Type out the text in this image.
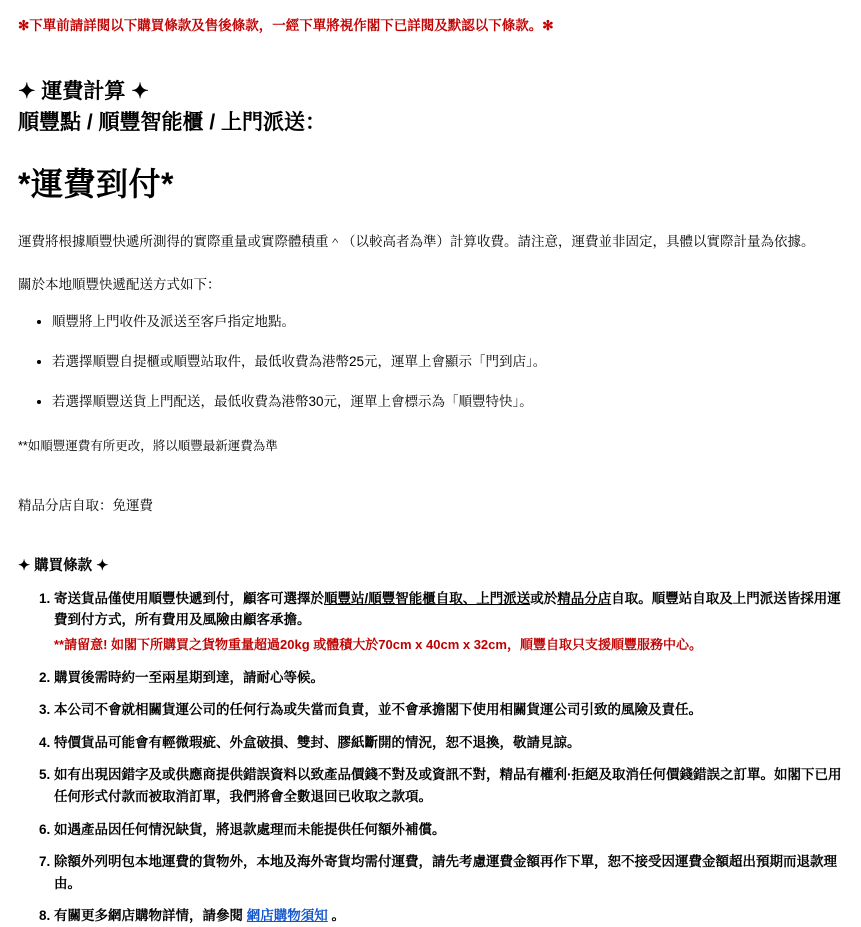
✻下單前請詳閱以下購買條款及售後條款，一經下單將視作閣下已詳閱及默認以下條款。✻

✦ 運費計算 ✦
順豐點 / 順豐智能櫃 / 上門派送：
*運費到付*

運費將根據順豐快遞所測得的實際重量或實際體積重＾（以較高者為準）計算收費。請注意，運費並非固定，具體以實際計量為依據。

關於本地順豐快遞配送方式如下：

• 順豐將上門收件及派送至客戶指定地點。
• 若選擇順豐自提櫃或順豐站取件，最低收費為港幣25元，運單上會顯示「門到店」。
• 若選擇順豐送貨上門配送，最低收費為港幣30元，運單上會標示為「順豐特快」。

**如順豐運費有所更改，將以順豐最新運費為準

精品分店自取：免運費

✦ 購買條款 ✦
1. 寄送貨品僅使用順豐快遞到付，顧客可選擇於順豐站/順豐智能櫃自取、上門派送或於精品分店自取。順豐站自取及上門派送皆採用運費到付方式，所有費用及風險由顧客承擔。
**請留意! 如閣下所購買之貨物重量超過20kg 或體積大於70cm x 40cm x 32cm，順豐自取只支援順豐服務中心。
2. 購買後需時約一至兩星期到達，請耐心等候。
3. 本公司不會就相關貨運公司的任何行為或失當而負責，並不會承擔閣下使用相關貨運公司引致的風險及責任。
4. 特價貨品可能會有輕微瑕疵、外盒破損、雙封、膠紙斷開的情況，恕不退換，敬請見諒。
5. 如有出現因錯字及或供應商提供錯誤資料以致產品價錢不對及或資訊不對，精品有權利·拒絕及取消任何價錢錯誤之訂單。如閣下已用任何形式付款而被取消訂單，我們將會全數退回已收取之款項。
6. 如遇產品因任何情況缺貨，將退款處理而未能提供任何額外補償。
7. 除額外列明包本地運費的貨物外，本地及海外寄貨均需付運費，請先考慮運費金額再作下單，恕不接受因運費金額超出預期而退款理由。
8. 有關更多網店購物詳情，請參閱 網店購物須知 。
